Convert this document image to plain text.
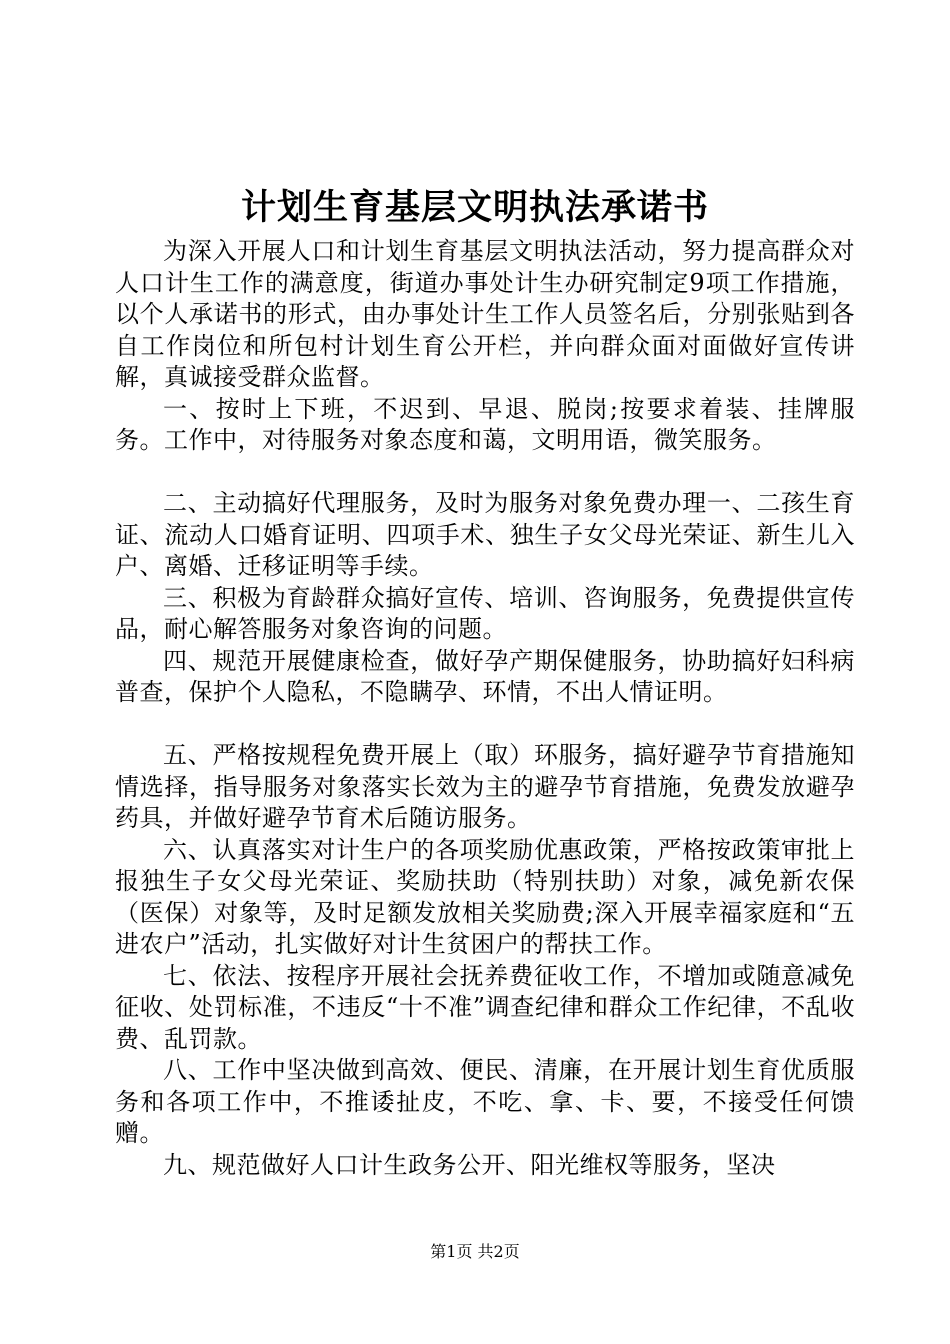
计划生育基层文明执法承诺书

为深入开展人口和计划生育基层文明执法活动，努力提高群众对人口计生工作的满意度，街道办事处计生办研究制定9项工作措施，以个人承诺书的形式，由办事处计生工作人员签名后，分别张贴到各自工作岗位和所包村计划生育公开栏，并向群众面对面做好宣传讲解，真诚接受群众监督。

一、按时上下班，不迟到、早退、脱岗;按要求着装、挂牌服务。工作中，对待服务对象态度和蔼，文明用语，微笑服务。

二、主动搞好代理服务，及时为服务对象免费办理一、二孩生育证、流动人口婚育证明、四项手术、独生子女父母光荣证、新生儿入户、离婚、迁移证明等手续。

三、积极为育龄群众搞好宣传、培训、咨询服务，免费提供宣传品，耐心解答服务对象咨询的问题。

四、规范开展健康检查，做好孕产期保健服务，协助搞好妇科病普查，保护个人隐私，不隐瞒孕、环情，不出人情证明。

五、严格按规程免费开展上（取）环服务，搞好避孕节育措施知情选择，指导服务对象落实长效为主的避孕节育措施，免费发放避孕药具，并做好避孕节育术后随访服务。

六、认真落实对计生户的各项奖励优惠政策，严格按政策审批上报独生子女父母光荣证、奖励扶助（特别扶助）对象，减免新农保（医保）对象等，及时足额发放相关奖励费;深入开展幸福家庭和“五进农户”活动，扎实做好对计生贫困户的帮扶工作。

七、依法、按程序开展社会抚养费征收工作，不增加或随意减免征收、处罚标准，不违反“十不准”调查纪律和群众工作纪律，不乱收费、乱罚款。

八、工作中坚决做到高效、便民、清廉，在开展计划生育优质服务和各项工作中，不推诿扯皮，不吃、拿、卡、要，不接受任何馈赠。

九、规范做好人口计生政务公开、阳光维权等服务，坚决

第1页 共2页
